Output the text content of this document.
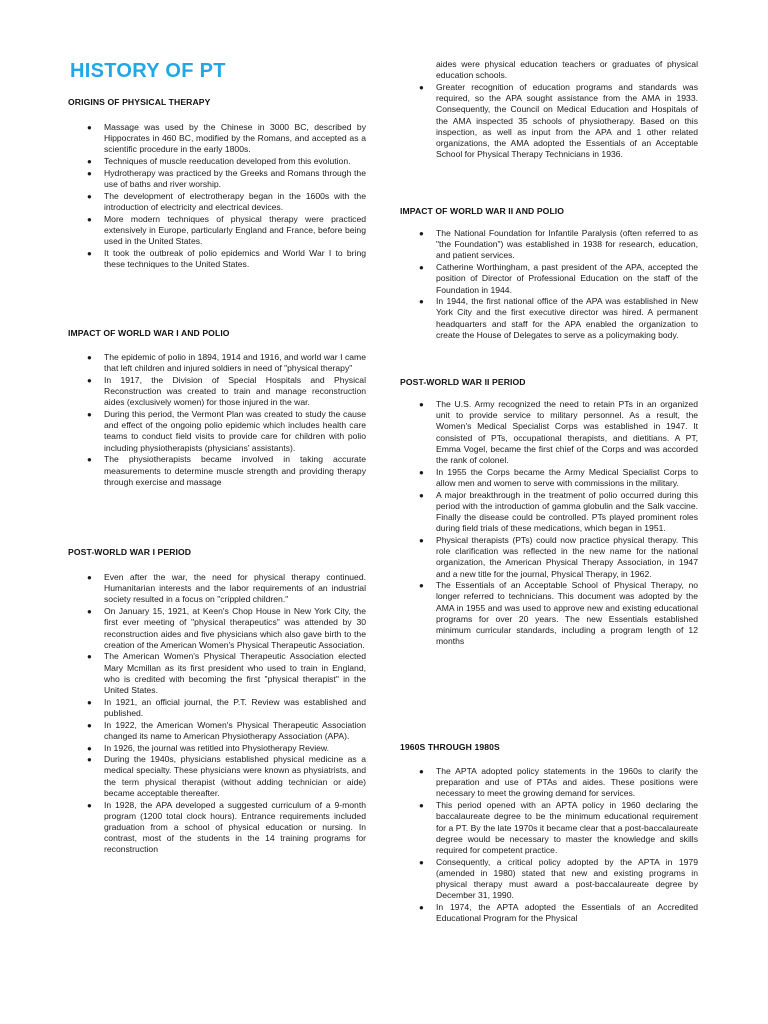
HISTORY OF PT
ORIGINS OF PHYSICAL THERAPY
● Massage was used by the Chinese in 3000 BC, described by Hippocrates in 460 BC, modified by the Romans, and accepted as a scientific procedure in the early 1800s.
● Techniques of muscle reeducation developed from this evolution.
● Hydrotherapy was practiced by the Greeks and Romans through the use of baths and river worship.
● The development of electrotherapy began in the 1600s with the introduction of electricity and electrical devices.
● More modern techniques of physical therapy were practiced extensively in Europe, particularly England and France, before being used in the United States.
● It took the outbreak of polio epidemics and World War I to bring these techniques to the United States.
IMPACT OF WORLD WAR I AND POLIO
● The epidemic of polio in 1894, 1914 and 1916, and world war I came that left children and injured soldiers in need of "physical therapy"
● In 1917, the Division of Special Hospitals and Physical Reconstruction was created to train and manage reconstruction aides (exclusively women) for those injured in the war.
● During this period, the Vermont Plan was created to study the cause and effect of the ongoing polio epidemic which includes health care teams to conduct field visits to provide care for children with polio including physiotherapists (physicians' assistants).
● The physiotherapists became involved in taking accurate measurements to determine muscle strength and providing therapy through exercise and massage
POST-WORLD WAR I PERIOD
● Even after the war, the need for physical therapy continued. Humanitarian interests and the labor requirements of an industrial society resulted in a focus on "crippled children."
● On January 15, 1921, at Keen's Chop House in New York City, the first ever meeting of "physical therapeutics" was attended by 30 reconstruction aides and five physicians which also gave birth to the creation of the American Women's Physical Therapeutic Association.
● The American Women's Physical Therapeutic Association elected Mary Mcmillan as its first president who used to train in England, who is credited with becoming the first "physical therapist" in the United States.
● In 1921, an official journal, the P.T. Review was established and published.
● In 1922, the American Women's Physical Therapeutic Association changed its name to American Physiotherapy Association (APA).
● In 1926, the journal was retitled into Physiotherapy Review.
● During the 1940s, physicians established physical medicine as a medical specialty. These physicians were known as physiatrists, and the term physical therapist (without adding technician or aide) became acceptable thereafter.
● In 1928, the APA developed a suggested curriculum of a 9-month program (1200 total clock hours). Entrance requirements included graduation from a school of physical education or nursing. In contrast, most of the students in the 14 training programs for reconstruction
aides were physical education teachers or graduates of physical education schools.
● Greater recognition of education programs and standards was required, so the APA sought assistance from the AMA in 1933. Consequently, the Council on Medical Education and Hospitals of the AMA inspected 35 schools of physiotherapy. Based on this inspection, as well as input from the APA and 1 other related organizations, the AMA adopted the Essentials of an Acceptable School for Physical Therapy Technicians in 1936.
IMPACT OF WORLD WAR II AND POLIO
● The National Foundation for Infantile Paralysis (often referred to as "the Foundation") was established in 1938 for research, education, and patient services.
● Catherine Worthingham, a past president of the APA, accepted the position of Director of Professional Education on the staff of the Foundation in 1944.
● In 1944, the first national office of the APA was established in New York City and the first executive director was hired. A permanent headquarters and staff for the APA enabled the organization to create the House of Delegates to serve as a policymaking body.
POST-WORLD WAR II PERIOD
● The U.S. Army recognized the need to retain PTs in an organized unit to provide service to military personnel. As a result, the Women's Medical Specialist Corps was established in 1947. It consisted of PTs, occupational therapists, and dietitians. A PT, Emma Vogel, became the first chief of the Corps and was accorded the rank of colonel.
● In 1955 the Corps became the Army Medical Specialist Corps to allow men and women to serve with commissions in the military.
● A major breakthrough in the treatment of polio occurred during this period with the introduction of gamma globulin and the Salk vaccine. Finally the disease could be controlled. PTs played prominent roles during field trials of these medications, which began in 1951.
● Physical therapists (PTs) could now practice physical therapy. This role clarification was reflected in the new name for the national organization, the American Physical Therapy Association, in 1947 and a new title for the journal, Physical Therapy, in 1962.
● The Essentials of an Acceptable School of Physical Therapy, no longer referred to technicians. This document was adopted by the AMA in 1955 and was used to approve new and existing educational programs for over 20 years. The new Essentials established minimum curricular standards, including a program length of 12 months
1960S THROUGH 1980S
● The APTA adopted policy statements in the 1960s to clarify the preparation and use of PTAs and aides. These positions were necessary to meet the growing demand for services.
● This period opened with an APTA policy in 1960 declaring the baccalaureate degree to be the minimum educational requirement for a PT. By the late 1970s it became clear that a post-baccalaureate degree would be necessary to master the knowledge and skills required for competent practice.
● Consequently, a critical policy adopted by the APTA in 1979 (amended in 1980) stated that new and existing programs in physical therapy must award a post-baccalaureate degree by December 31, 1990.
● In 1974, the APTA adopted the Essentials of an Accredited Educational Program for the Physical
